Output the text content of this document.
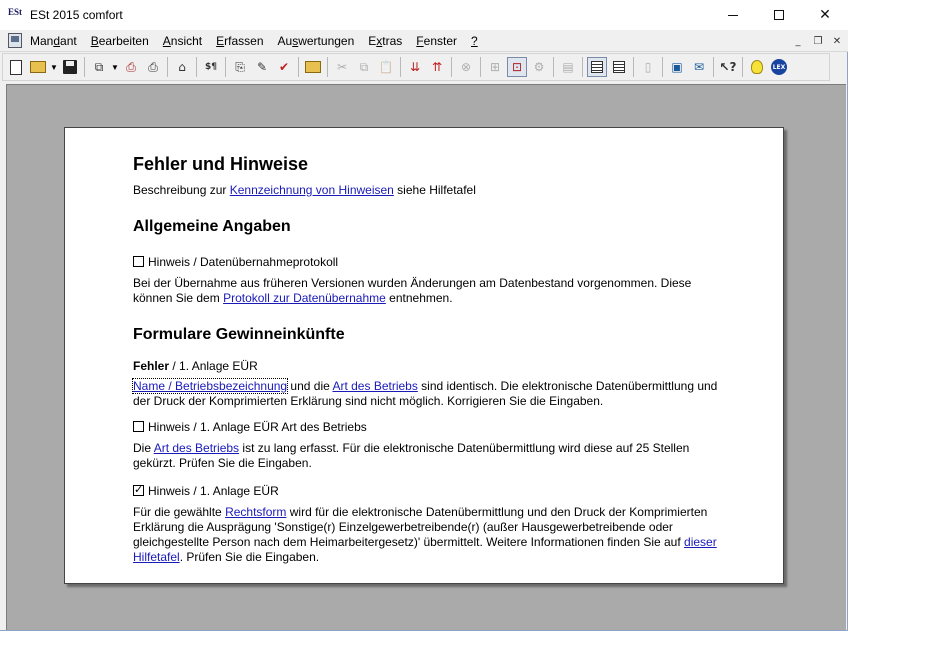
ESt ESt 2015 comfort	✕
Mandant Bearbeiten Ansicht Erfassen Auswertungen Extras Fenster ?	_ ❐ ✕
▼	⧉ ▼ ⎙ ⎙ ⌂ $¶ ⎘ ✎ ✔	✂ ⧉ 📋 ⇊ ⇈ ⊗ ⊞ ⊡ ⚙ ▤	▯ ▣ ✉ ↖?	LEX
Fehler und Hinweise

Beschreibung zur Kennzeichnung von Hinweisen siehe Hilfetafel

Allgemeine Angaben
Hinweis / Datenübernahmeprotokoll

Bei der Übernahme aus früheren Versionen wurden Änderungen am Datenbestand vorgenommen. Diese können Sie dem Protokoll zur Datenübernahme entnehmen.

Formulare Gewinneinkünfte
Fehler / 1. Anlage EÜR

Name / Betriebsbezeichnung und die Art des Betriebs sind identisch. Die elektronische Datenübermittlung und der Druck der Komprimierten Erklärung sind nicht möglich. Korrigieren Sie die Eingaben.

Hinweis / 1. Anlage EÜR Art des Betriebs

Die Art des Betriebs ist zu lang erfasst. Für die elektronische Datenübermittlung wird diese auf 25 Stellen gekürzt. Prüfen Sie die Eingaben.

✓Hinweis / 1. Anlage EÜR

Für die gewählte Rechtsform wird für die elektronische Datenübermittlung und den Druck der Komprimierten Erklärung die Ausprägung 'Sonstige(r) Einzelgewerbetreibende(r) (außer Hausgewerbetreibende oder gleichgestellte Person nach dem Heimarbeitergesetz)' übermittelt. Weitere Informationen finden Sie auf dieser Hilfetafel. Prüfen Sie die Eingaben.
